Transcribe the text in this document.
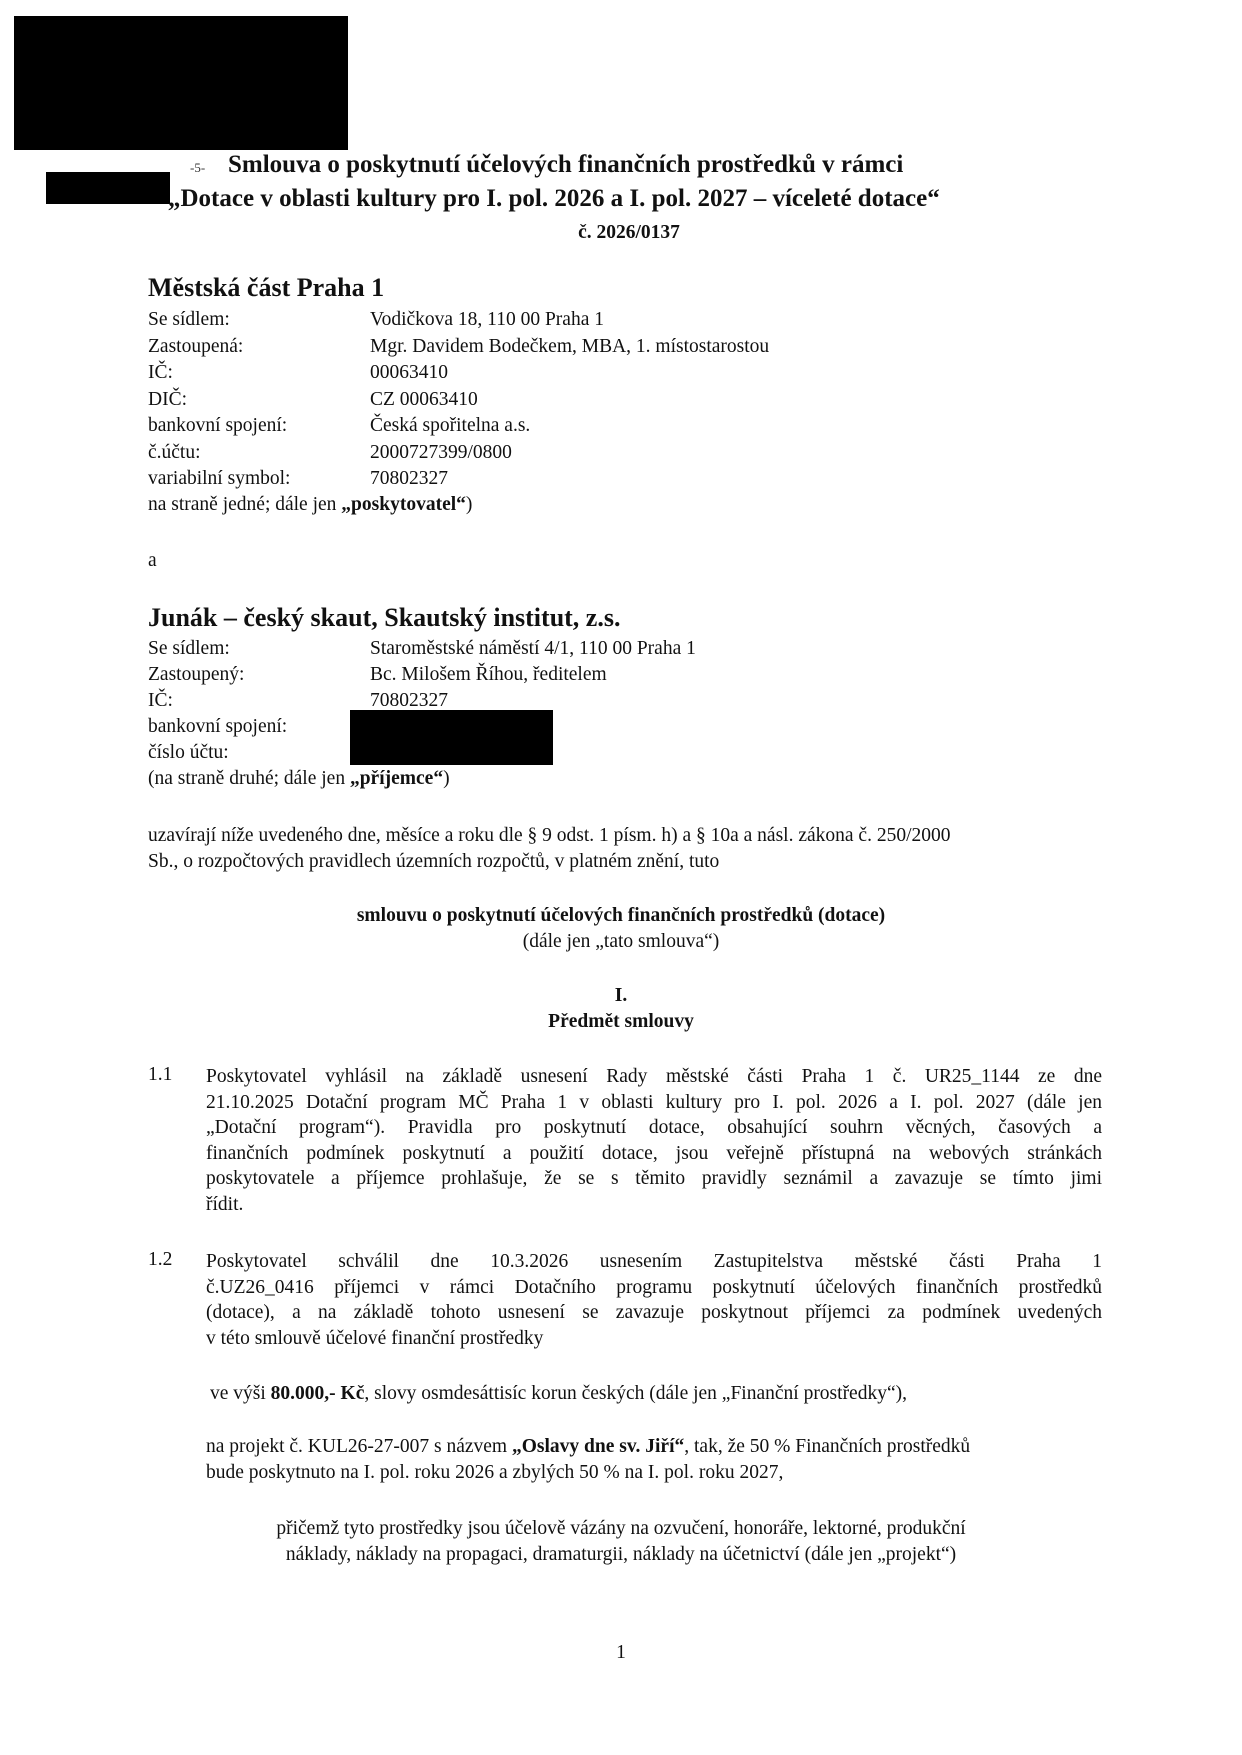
-5- Smlouva o poskytnutí účelových finančních prostředků v rámci
„Dotace v oblasti kultury pro I. pol. 2026 a I. pol. 2027 – víceleté dotace“
č. 2026/0137
Městská část Praha 1
Se sídlem:	Vodičkova 18, 110 00 Praha 1
Zastoupená:	Mgr. Davidem Bodečkem, MBA, 1. místostarostou
IČ:	00063410
DIČ:	CZ 00063410
bankovní spojení:	Česká spořitelna a.s.
č.účtu:	2000727399/0800
variabilní symbol:	70802327
na straně jedné; dále jen „poskytovatel“)
a
Junák – český skaut, Skautský institut, z.s.
Se sídlem:	Staroměstské náměstí 4/1, 110 00 Praha 1
Zastoupený:	Bc. Milošem Říhou, ředitelem
IČ:	70802327
bankovní spojení:
číslo účtu:
(na straně druhé; dále jen „příjemce“)
uzavírají níže uvedeného dne, měsíce a roku dle § 9 odst. 1 písm. h) a § 10a a násl. zákona č. 250/2000
Sb., o rozpočtových pravidlech územních rozpočtů, v platném znění, tuto
smlouvu o poskytnutí účelových finančních prostředků (dotace)
(dále jen „tato smlouva“)
I.
Předmět smlouvy
1.1 Poskytovatel vyhlásil na základě usnesení Rady městské části Praha 1 č. UR25_1144 ze dne
21.10.2025 Dotační program MČ Praha 1 v oblasti kultury pro I. pol. 2026 a I. pol. 2027 (dále jen
„Dotační program“). Pravidla pro poskytnutí dotace, obsahující souhrn věcných, časových a
finančních podmínek poskytnutí a použití dotace, jsou veřejně přístupná na webových stránkách
poskytovatele a příjemce prohlašuje, že se s těmito pravidly seznámil a zavazuje se tímto jimi
řídit.
1.2 Poskytovatel schválil dne 10.3.2026 usnesením Zastupitelstva městské části Praha 1
č.UZ26_0416 příjemci v rámci Dotačního programu poskytnutí účelových finančních prostředků
(dotace), a na základě tohoto usnesení se zavazuje poskytnout příjemci za podmínek uvedených
v této smlouvě účelové finanční prostředky
ve výši 80.000,- Kč, slovy osmdesáttisíc korun českých (dále jen „Finanční prostředky“),
na projekt č. KUL26-27-007 s názvem „Oslavy dne sv. Jiří“, tak, že 50 % Finančních prostředků
bude poskytnuto na I. pol. roku 2026 a zbylých 50 % na I. pol. roku 2027,
přičemž tyto prostředky jsou účelově vázány na ozvučení, honoráře, lektorné, produkční
náklady, náklady na propagaci, dramaturgii, náklady na účetnictví (dále jen „projekt“)
1
